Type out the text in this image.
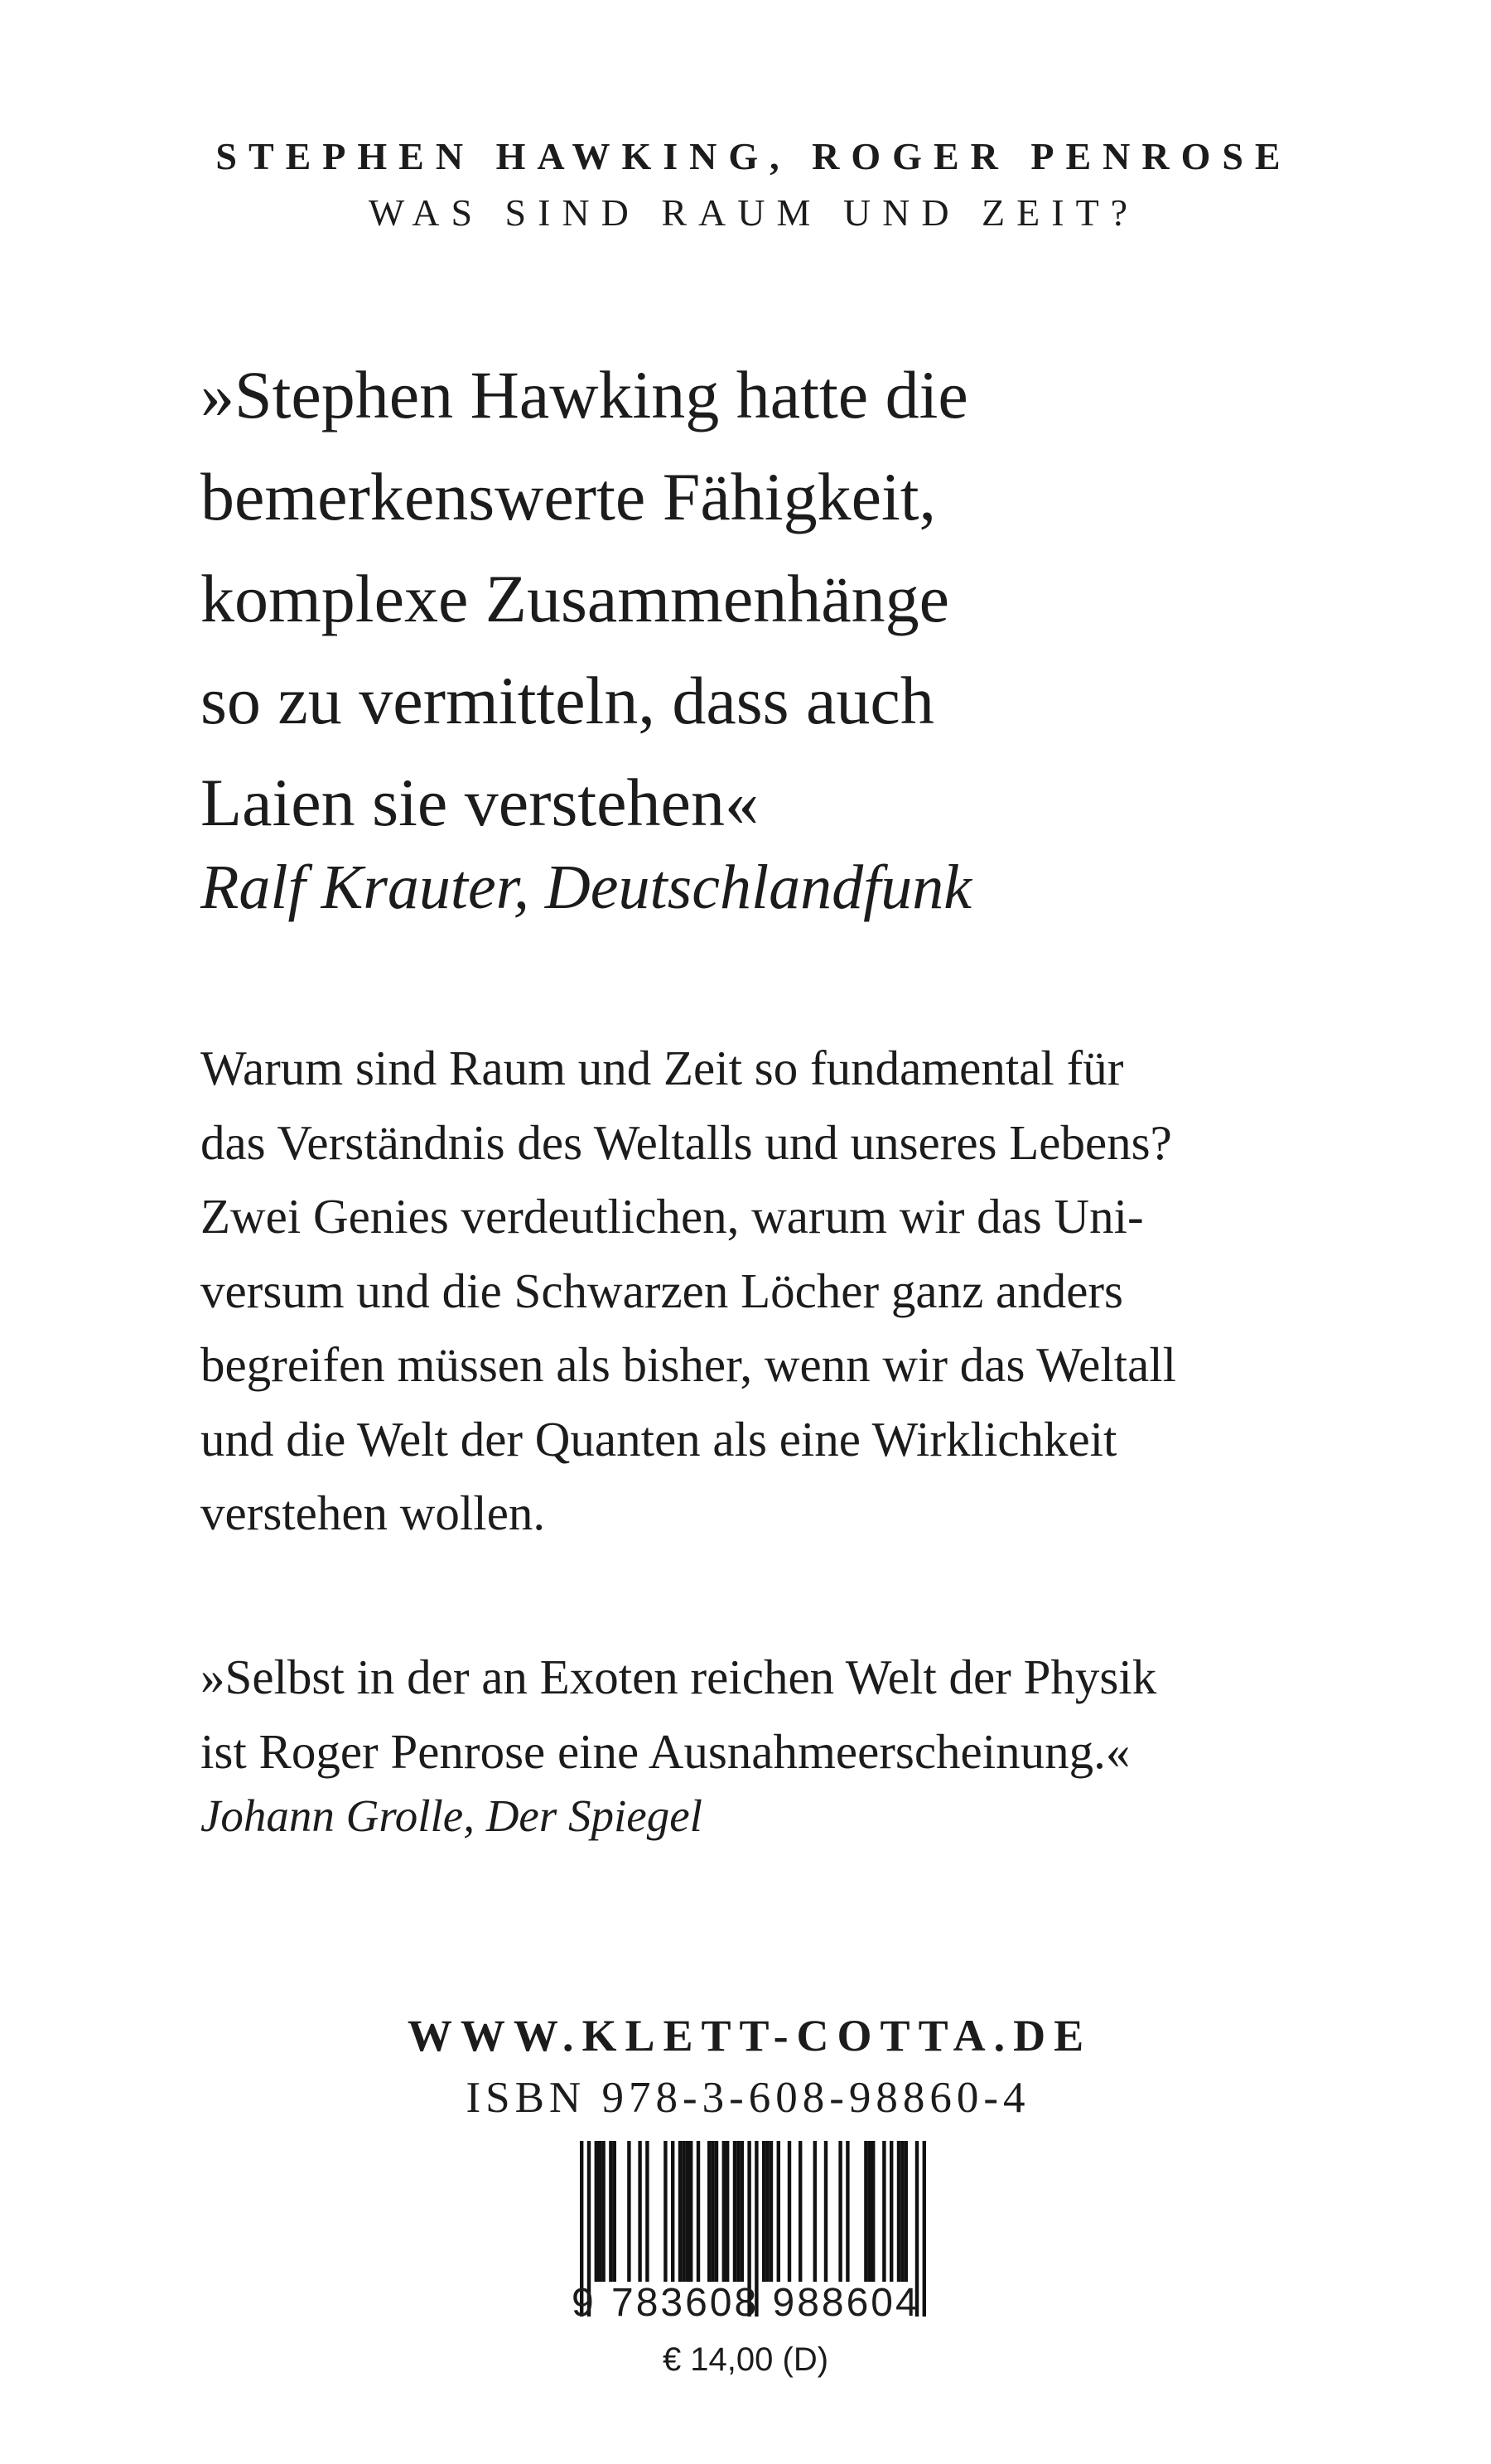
STEPHEN HAWKING, ROGER PENROSE
WAS SIND RAUM UND ZEIT?
»Stephen Hawking hatte die
bemerkenswerte Fähigkeit,
komplexe Zusammenhänge
so zu vermitteln, dass auch
Laien sie verstehen«
Ralf Krauter, Deutschlandfunk
Warum sind Raum und Zeit so fundamental für
das Verständnis des Weltalls und unseres Lebens?
Zwei Genies verdeutlichen, warum wir das Uni-
versum und die Schwarzen Löcher ganz anders
begreifen müssen als bisher, wenn wir das Weltall
und die Welt der Quanten als eine Wirklichkeit
verstehen wollen.
»Selbst in der an Exoten reichen Welt der Physik
ist Roger Penrose eine Ausnahmeerscheinung.«
Johann Grolle, Der Spiegel
WWW.KLETT-COTTA.DE
ISBN 978-3-608-98860-4
9 783608 988604
€ 14,00 (D)
